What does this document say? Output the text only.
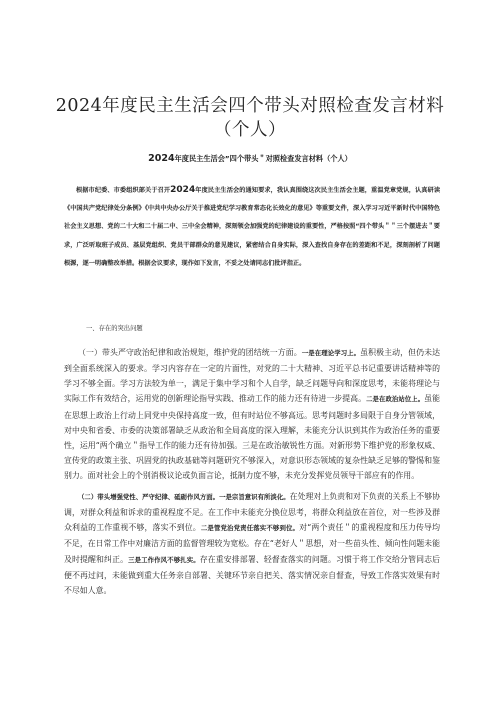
2024年度民主生活会四个带头对照检查发言材料（个人）
2024年度民主生活会”四个带头＂对照检查发言材料（个人）

根据市纪委、市委组织部关于召开2024年度民主生活会的通知要求，我认真围绕这次民主生活会主题，重温党章党规，认真研读《中国共产党纪律处分条例》《中共中央办公厅关于推进党纪学习教育常态化长效化的意见》等重要文件，深入学习习近平新时代中国特色社会主义思想、党的二十大和二十届二中、三中全会精神，深刻领会加强党的纪律建设的重要性，严格按照“四个带头＂＂三个摆进去＂要求，广泛听取班子成员、基层党组织、党员干部群众的意见建议，紧密结合自身实际，深入查找自身存在的差距和不足，深刻剖析了问题根源，逐一明确整改举措。根据会议要求，现作如下发言，不妥之处请同志们批评指正。

一、存在的突出问题

（一）带头严守政治纪律和政治规矩，维护党的团结统一方面。一是在理论学习上。虽积极主动，但仍未达到全面系统深入的要求。学习内容存在一定的片面性，对党的二十大精神、习近平总书记重要讲话精神等的学习不够全面。学习方法较为单一，满足于集中学习和个人自学，缺乏问题导向和深度思考，未能将理论与实际工作有效结合，运用党的创新理论指导实践、推动工作的能力还有待进一步提高。二是在政治站位上。虽能在思想上政治上行动上同党中央保持高度一致，但有时站位不够高远。思考问题时多局限于自身分管领域，对中央和省委、市委的决策部署缺乏从政治和全局高度的深入理解，未能充分认识到其作为政治任务的重要性，运用“两个确立＂指导工作的能力还有待加强。三是在政治敏锐性方面。对新形势下维护党的形象权威、宣传党的政策主张、巩固党的执政基础等问题研究不够深入，对意识形态领域的复杂性缺乏足够的警惕和鉴别力。面对社会上的个别消极议论或负面言论，抵制力度不够，未充分发挥党员领导干部应有的作用。

（二）带头增强党性、严守纪律、砥砺作风方面。一是宗旨意识有所淡化。在处理对上负责和对下负责的关系上不够协调，对群众利益和诉求的重视程度不足。在工作中未能充分换位思考，将群众利益放在首位，对一些涉及群众利益的工作重视不够，落实不到位。二是管党治党责任落实不够到位。对“两个责任＂的重视程度和压力传导均不足，在日常工作中对廉洁方面的监督管理较为宽松。存在“老好人＂思想，对一些苗头性、倾向性问题未能及时提醒和纠正。三是工作作风不够扎实。存在重安排部署、轻督查落实的问题。习惯于将工作交给分管同志后便不再过问，未能做到重大任务亲自部署、关键环节亲自把关、落实情况亲自督查，导致工作落实效果有时不尽如人意。
